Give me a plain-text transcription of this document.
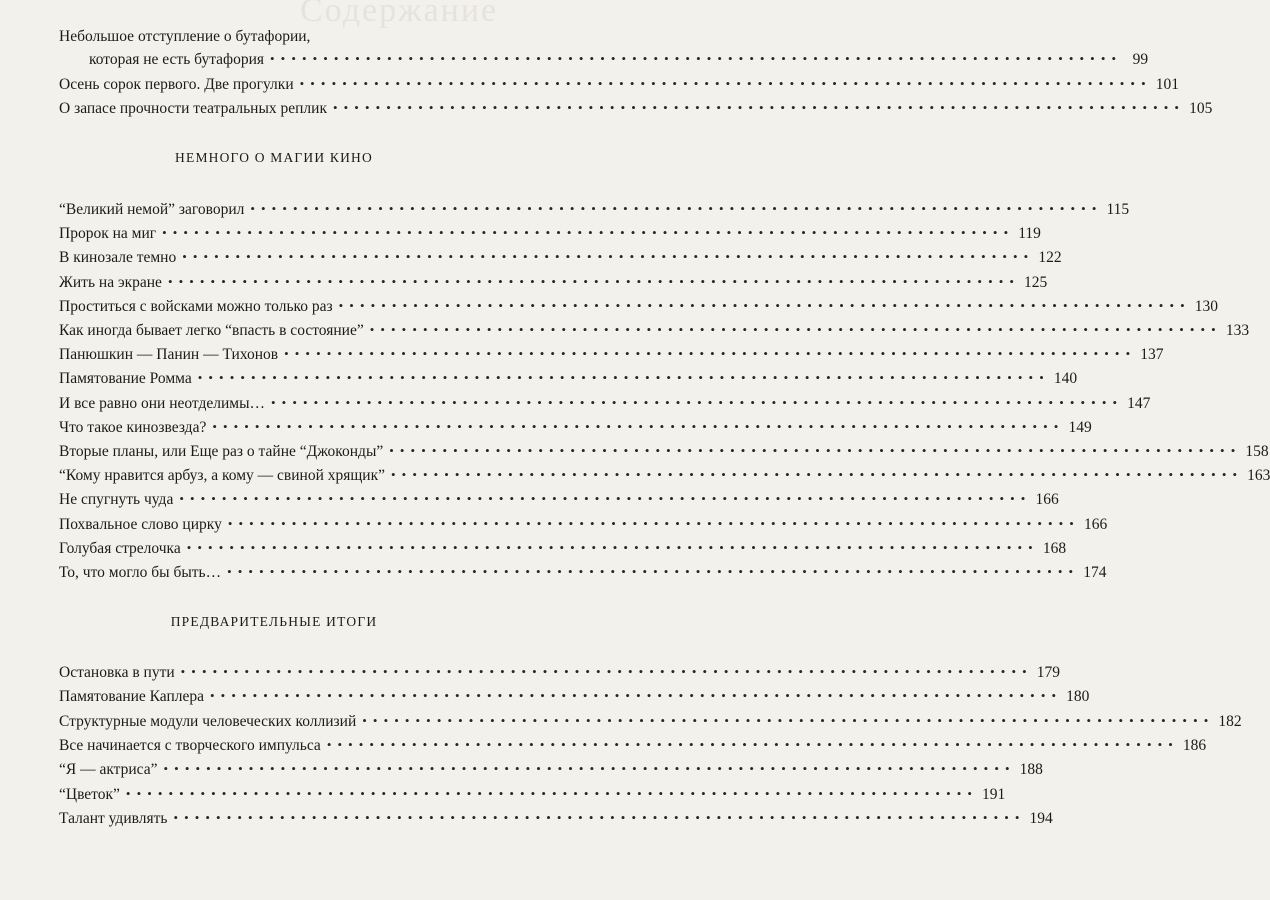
Содержание
Небольшое отступление о бутафории,
которая не есть бутафория •••••••••••••••••••••••••••••••••••••••••••••••••••••••••••••••••••••••••••••••• 99
Осень сорок первого. Две прогулки •••••••••••••••••••••••••••••••••••••••••••••••••••••••••••••••••••••••••••••••• 101
О запасе прочности театральных реплик •••••••••••••••••••••••••••••••••••••••••••••••••••••••••••••••••••••••••••••••• 105
НЕМНОГО О МАГИИ КИНО
“Великий немой” заговорил •••••••••••••••••••••••••••••••••••••••••••••••••••••••••••••••••••••••••••••••• 115
Пророк на миг •••••••••••••••••••••••••••••••••••••••••••••••••••••••••••••••••••••••••••••••• 119
В кинозале темно •••••••••••••••••••••••••••••••••••••••••••••••••••••••••••••••••••••••••••••••• 122
Жить на экране •••••••••••••••••••••••••••••••••••••••••••••••••••••••••••••••••••••••••••••••• 125
Проститься с войсками можно только раз •••••••••••••••••••••••••••••••••••••••••••••••••••••••••••••••••••••••••••••••• 130
Как иногда бывает легко “впасть в состояние” •••••••••••••••••••••••••••••••••••••••••••••••••••••••••••••••••••••••••••••••• 133
Панюшкин — Панин — Тихонов •••••••••••••••••••••••••••••••••••••••••••••••••••••••••••••••••••••••••••••••• 137
Памятование Ромма •••••••••••••••••••••••••••••••••••••••••••••••••••••••••••••••••••••••••••••••• 140
И все равно они неотделимы… •••••••••••••••••••••••••••••••••••••••••••••••••••••••••••••••••••••••••••••••• 147
Что такое кинозвезда? •••••••••••••••••••••••••••••••••••••••••••••••••••••••••••••••••••••••••••••••• 149
Вторые планы, или Еще раз о тайне “Джоконды” •••••••••••••••••••••••••••••••••••••••••••••••••••••••••••••••••••••••••••••••• 158
“Кому нравится арбуз, а кому — свиной хрящик” •••••••••••••••••••••••••••••••••••••••••••••••••••••••••••••••••••••••••••••••• 163
Не спугнуть чуда •••••••••••••••••••••••••••••••••••••••••••••••••••••••••••••••••••••••••••••••• 166
Похвальное слово цирку •••••••••••••••••••••••••••••••••••••••••••••••••••••••••••••••••••••••••••••••• 166
Голубая стрелочка •••••••••••••••••••••••••••••••••••••••••••••••••••••••••••••••••••••••••••••••• 168
То, что могло бы быть… •••••••••••••••••••••••••••••••••••••••••••••••••••••••••••••••••••••••••••••••• 174
ПРЕДВАРИТЕЛЬНЫЕ ИТОГИ
Остановка в пути •••••••••••••••••••••••••••••••••••••••••••••••••••••••••••••••••••••••••••••••• 179
Памятование Каплера •••••••••••••••••••••••••••••••••••••••••••••••••••••••••••••••••••••••••••••••• 180
Структурные модули человеческих коллизий •••••••••••••••••••••••••••••••••••••••••••••••••••••••••••••••••••••••••••••••• 182
Все начинается с творческого импульса •••••••••••••••••••••••••••••••••••••••••••••••••••••••••••••••••••••••••••••••• 186
“Я — актриса” •••••••••••••••••••••••••••••••••••••••••••••••••••••••••••••••••••••••••••••••• 188
“Цветок” •••••••••••••••••••••••••••••••••••••••••••••••••••••••••••••••••••••••••••••••• 191
Талант удивлять •••••••••••••••••••••••••••••••••••••••••••••••••••••••••••••••••••••••••••••••• 194
